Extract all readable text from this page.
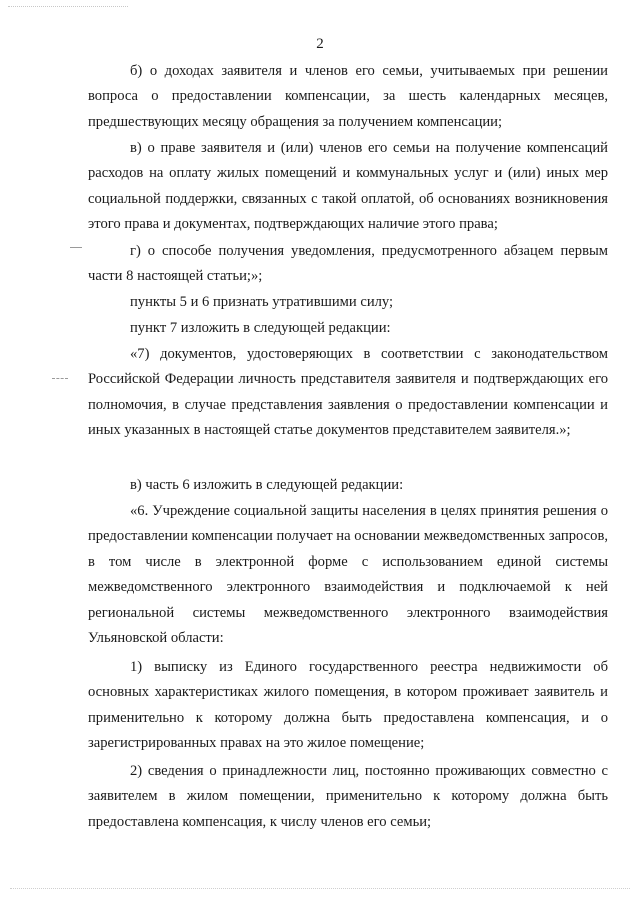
2

б) о доходах заявителя и членов его семьи, учитываемых при решении вопроса о предоставлении компенсации, за шесть календарных месяцев, предшествующих месяцу обращения за получением компенсации;

в) о праве заявителя и (или) членов его семьи на получение компенсаций расходов на оплату жилых помещений и коммунальных услуг и (или) иных мер социальной поддержки, связанных с такой оплатой, об основаниях возникновения этого права и документах, подтверждающих наличие этого права;

г) о способе получения уведомления, предусмотренного абзацем первым части 8 настоящей статьи;»;

пункты 5 и 6 признать утратившими силу;

пункт 7 изложить в следующей редакции:

«7) документов, удостоверяющих в соответствии с законодательством Российской Федерации личность представителя заявителя и подтверждающих его полномочия, в случае представления заявления о предоставлении компенсации и иных указанных в настоящей статье документов представителем заявителя.»;

в) часть 6 изложить в следующей редакции:

«6. Учреждение социальной защиты населения в целях принятия решения о предоставлении компенсации получает на основании межведомственных запросов, в том числе в электронной форме с использованием единой системы межведомственного электронного взаимодействия и подключаемой к ней региональной системы межведомственного электронного взаимодействия Ульяновской области:

1) выписку из Единого государственного реестра недвижимости об основных характеристиках жилого помещения, в котором проживает заявитель и применительно к которому должна быть предоставлена компенсация, и о зарегистрированных правах на это жилое помещение;

2) сведения о принадлежности лиц, постоянно проживающих совместно с заявителем в жилом помещении, применительно к которому должна быть предоставлена компенсация, к числу членов его семьи;
